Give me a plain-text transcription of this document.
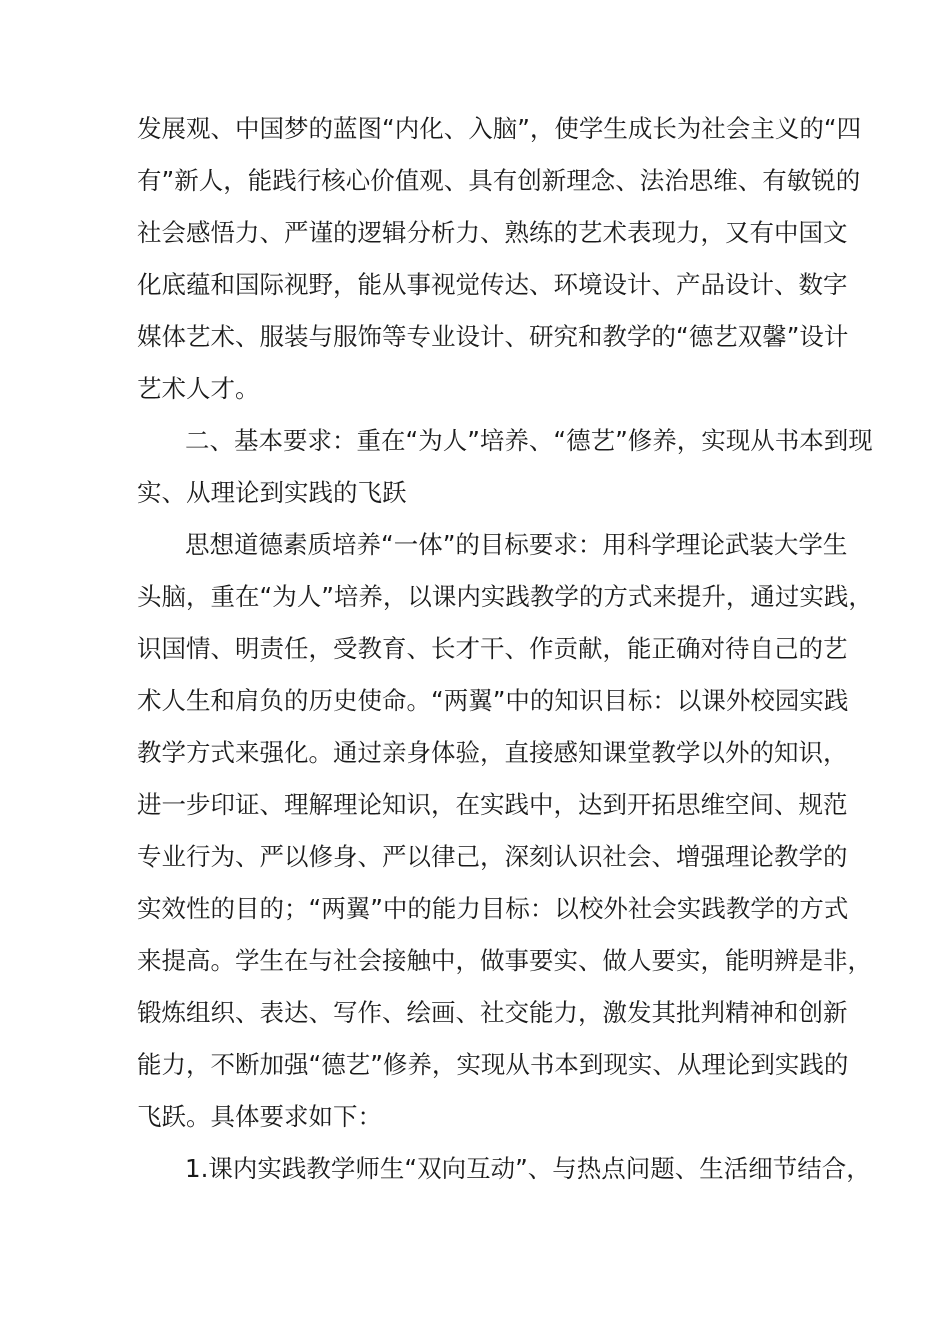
发展观、中国梦的蓝图“内化、入脑”，使学生成长为社会主义的“四
有”新人，能践行核心价值观、具有创新理念、法治思维、有敏锐的
社会感悟力、严谨的逻辑分析力、熟练的艺术表现力，又有中国文
化底蕴和国际视野，能从事视觉传达、环境设计、产品设计、数字
媒体艺术、服装与服饰等专业设计、研究和教学的“德艺双馨”设计
艺术人才。
二、基本要求：重在“为人”培养、“德艺”修养，实现从书本到现
实、从理论到实践的飞跃
思想道德素质培养“一体”的目标要求：用科学理论武装大学生
头脑，重在“为人”培养，以课内实践教学的方式来提升，通过实践，
识国情、明责任，受教育、长才干、作贡献，能正确对待自己的艺
术人生和肩负的历史使命。“两翼”中的知识目标：以课外校园实践
教学方式来强化。通过亲身体验，直接感知课堂教学以外的知识，
进一步印证、理解理论知识，在实践中，达到开拓思维空间、规范
专业行为、严以修身、严以律己，深刻认识社会、增强理论教学的
实效性的目的；“两翼”中的能力目标：以校外社会实践教学的方式
来提高。学生在与社会接触中，做事要实、做人要实，能明辨是非，
锻炼组织、表达、写作、绘画、社交能力，激发其批判精神和创新
能力，不断加强“德艺”修养，实现从书本到现实、从理论到实践的
飞跃。具体要求如下：
1.课内实践教学师生“双向互动”、与热点问题、生活细节结合，
